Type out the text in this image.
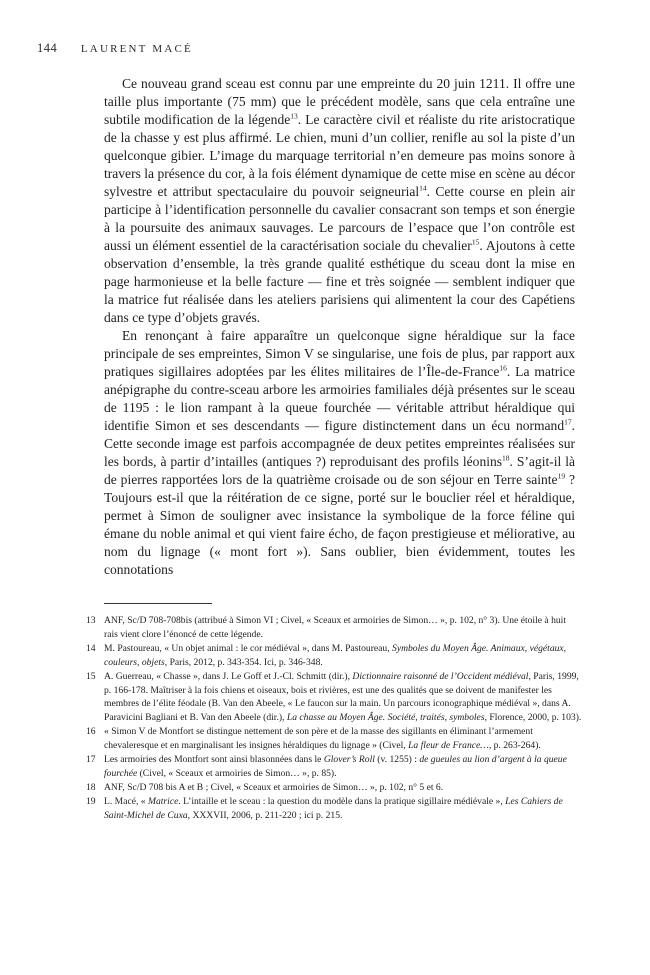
144 LAURENT MACÉ

Ce nouveau grand sceau est connu par une empreinte du 20 juin 1211. Il offre une taille plus importante (75 mm) que le précédent modèle, sans que cela entraîne une subtile modification de la légende$^{13}$. Le caractère civil et réaliste du rite aristocratique de la chasse y est plus affirmé. Le chien, muni d’un collier, renifle au sol la piste d’un quelconque gibier. L’image du marquage territorial n’en demeure pas moins sonore à travers la présence du cor, à la fois élément dynamique de cette mise en scène au décor sylvestre et attribut spectaculaire du pouvoir seigneurial$^{14}$. Cette course en plein air participe à l’identification personnelle du cavalier consacrant son temps et son énergie à la poursuite des animaux sauvages. Le parcours de l’espace que l’on contrôle est aussi un élément essentiel de la caractérisation sociale du chevalier$^{15}$. Ajoutons à cette observation d’ensemble, la très grande qualité esthétique du sceau dont la mise en page harmonieuse et la belle facture — fine et très soignée — semblent indiquer que la matrice fut réalisée dans les ateliers parisiens qui alimentent la cour des Capétiens dans ce type d’objets gravés.

En renonçant à faire apparaître un quelconque signe héraldique sur la face principale de ses empreintes, Simon V se singularise, une fois de plus, par rapport aux pratiques sigillaires adoptées par les élites militaires de l’Île-de-France$^{16}$. La matrice anépigraphe du contre-sceau arbore les armoiries familiales déjà présentes sur le sceau de 1195 : le lion rampant à la queue fourchée — véritable attribut héraldique qui identifie Simon et ses descendants — figure distinctement dans un écu normand$^{17}$. Cette seconde image est parfois accompagnée de deux petites empreintes réalisées sur les bords, à partir d’intailles (antiques ?) reproduisant des profils léonins$^{18}$. S’agit-il là de pierres rapportées lors de la quatrième croisade ou de son séjour en Terre sainte$^{19}$ ? Toujours est-il que la réitération de ce signe, porté sur le bouclier réel et héraldique, permet à Simon de souligner avec insistance la symbolique de la force féline qui émane du noble animal et qui vient faire écho, de façon prestigieuse et méliorative, au nom du lignage (« mont fort »). Sans oublier, bien évidemment, toutes les connotations

13 ANF, Sc/D 708-708bis (attribué à Simon VI ; Civel, « Sceaux et armoiries de Simon… », p. 102, n° 3). Une étoile à huit rais vient clore l’énoncé de cette légende.
14 M. Pastoureau, « Un objet animal : le cor médiéval », dans M. Pastoureau, Symboles du Moyen Âge. Animaux, végétaux, couleurs, objets, Paris, 2012, p. 343-354. Ici, p. 346-348.
15 A. Guerreau, « Chasse », dans J. Le Goff et J.-Cl. Schmitt (dir.), Dictionnaire raisonné de l’Occident médiéval, Paris, 1999, p. 166-178. Maîtriser à la fois chiens et oiseaux, bois et rivières, est une des qualités que se doivent de manifester les membres de l’élite féodale (B. Van den Abeele, « Le faucon sur la main. Un parcours iconographique médiéval », dans A. Paravicini Bagliani et B. Van den Abeele (dir.), La chasse au Moyen Âge. Société, traités, symboles, Florence, 2000, p. 103).
16 « Simon V de Montfort se distingue nettement de son père et de la masse des sigillants en éliminant l’armement chevaleresque et en marginalisant les insignes héraldiques du lignage » (Civel, La fleur de France…, p. 263-264).
17 Les armoiries des Montfort sont ainsi blasonnées dans le Glover’s Roll (v. 1255) : de gueules au lion d’argent à la queue fourchée (Civel, « Sceaux et armoiries de Simon… », p. 85).
18 ANF, Sc/D 708 bis A et B ; Civel, « Sceaux et armoiries de Simon… », p. 102, n° 5 et 6.
19 L. Macé, « Matrice. L’intaille et le sceau : la question du modèle dans la pratique sigillaire médiévale », Les Cahiers de Saint-Michel de Cuxa, XXXVII, 2006, p. 211-220 ; ici p. 215.
